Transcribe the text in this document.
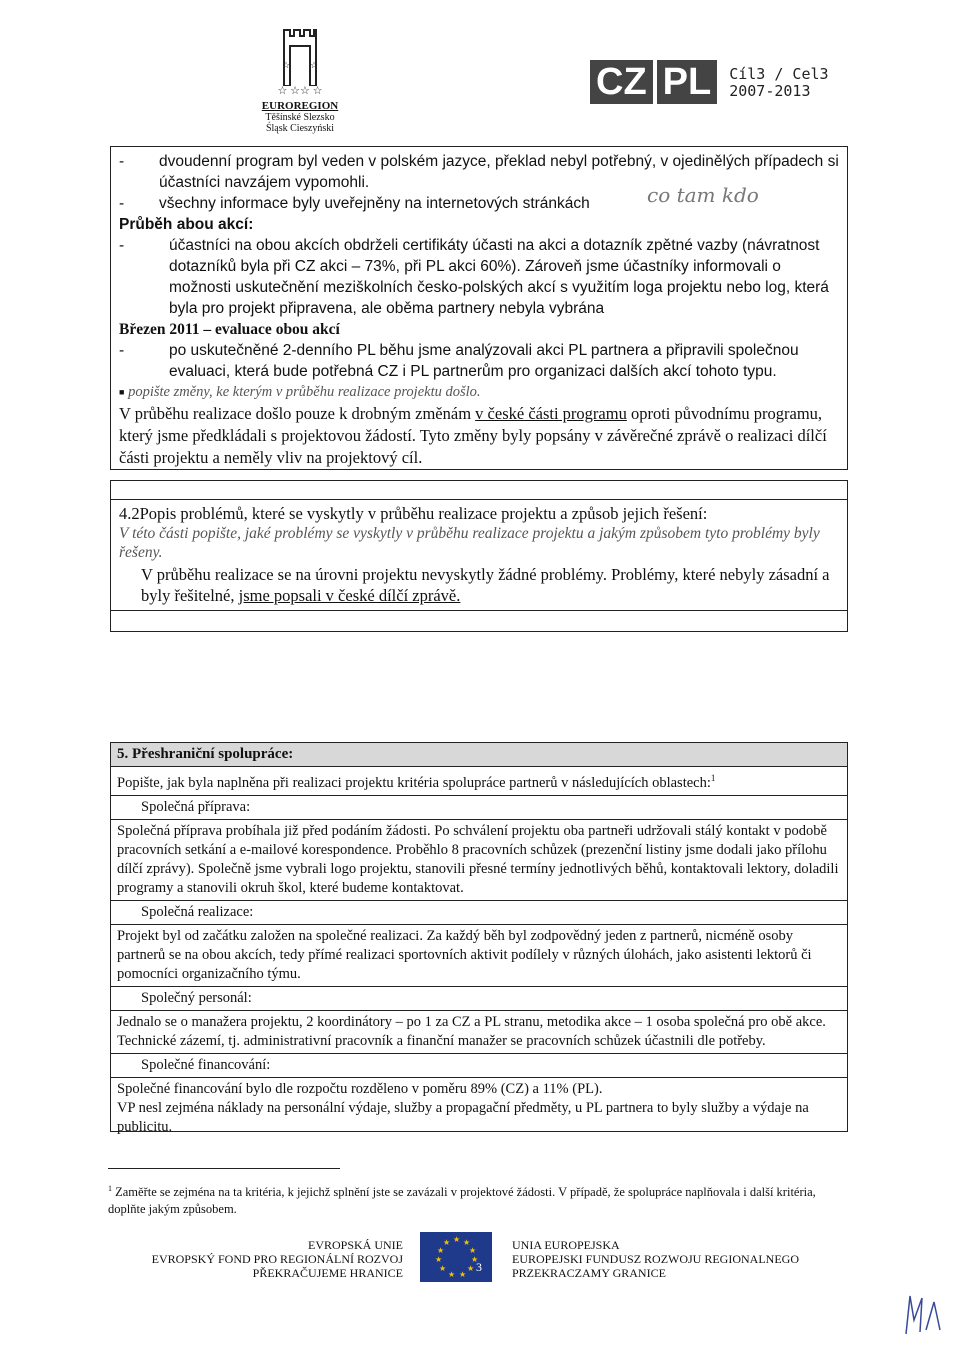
☆ ☆
☆ ☆☆ ☆
EUROREGION
Těšínské Slezsko
Śląsk Cieszyński
CZ PL Cíl3 / Cel3
2007-2013
- dvoudenní program byl veden v polském jazyce, překlad nebyl potřebný, v ojedinělých případech si účastníci navzájem vypomohli.
- všechny informace byly uveřejněny na internetových stránkách	co tam kdo
Průběh abou akcí:
-	účastníci na obou akcích obdrželi certifikáty účasti na akci a dotazník zpětné vazby (návratnost dotazníků byla při CZ akci – 73%, při PL akci 60%). Zároveň jsme účastníky informovali o možnosti uskutečnění meziškolních česko-polských akcí s využitím loga projektu nebo log, která byla pro projekt připravena, ale oběma partnery nebyla vybrána
Březen 2011 – evaluace obou akcí
-	po uskutečněné 2-denního PL běhu jsme analýzovali akci PL partnera a připravili společnou evaluaci, která bude potřebná CZ i PL partnerům pro organizaci dalších akcí tohoto typu.
■ popište změny, ke kterým v průběhu realizace projektu došlo.
V průběhu realizace došlo pouze k drobným změnám v české části programu oproti původnímu programu, který jsme předkládali s projektovou žádostí. Tyto změny byly popsány v závěrečné zprávě o realizaci dílčí části projektu a neměly vliv na projektový cíl.
4.2Popis problémů, které se vyskytly v průběhu realizace projektu a způsob jejich řešení:
V této části popište, jaké problémy se vyskytly v průběhu realizace projektu a jakým způsobem tyto problémy byly řešeny.
V průběhu realizace se na úrovni projektu nevyskytly žádné problémy. Problémy, které nebyly zásadní a byly řešitelné, jsme popsali v české dílčí zprávě.
5. Přeshraniční spolupráce:
Popište, jak byla naplněna při realizaci projektu kritéria spolupráce partnerů v následujících oblastech:$^1$
Společná příprava:
Společná příprava probíhala již před podáním žádosti. Po schválení projektu oba partneři udržovali stálý kontakt v podobě pracovních setkání a e-mailové korespondence. Proběhlo 8 pracovních schůzek (prezenční listiny jsme dodali jako přílohu dílčí zprávy). Společně jsme vybrali logo projektu, stanovili přesné termíny jednotlivých běhů, kontaktovali lektory, doladili programy a stanovili okruh škol, které budeme kontaktovat.
Společná realizace:
Projekt byl od začátku založen na společné realizaci. Za každý běh byl zodpovědný jeden z partnerů, nicméně osoby partnerů se na obou akcích, tedy přímé realizaci sportovních aktivit podílely v různých úlohách, jako asistenti lektorů či pomocníci organizačního týmu.
Společný personál:
Jednalo se o manažera projektu, 2 koordinátory – po 1 za CZ a PL stranu, metodika akce – 1 osoba společná pro obě akce. Technické zázemí, tj. administrativní pracovník a finanční manažer se pracovních schůzek účastnili dle potřeby.
Společné financování:
Společné financování bylo dle rozpočtu rozděleno v poměru 89% (CZ) a 11% (PL).
VP nesl zejména náklady na personální výdaje, služby a propagační předměty, u PL partnera to byly služby a výdaje na publicitu.
$^1$ Zaměřte se zejména na ta kritéria, k jejichž splnění jste se zavázali v projektové žádosti. V případě, že spolupráce naplňovala i další kritéria, doplňte jakým způsobem.
EVROPSKÁ UNIE
EVROPSKÝ FOND PRO REGIONÁLNÍ ROZVOJ
PŘEKRAČUJEME HRANICE
★ ★
★
★
★
★
★
★
★
★
★
3
UNIA EUROPEJSKA
EUROPEJSKI FUNDUSZ ROZWOJU REGIONALNEGO
PRZEKRACZAMY GRANICE
